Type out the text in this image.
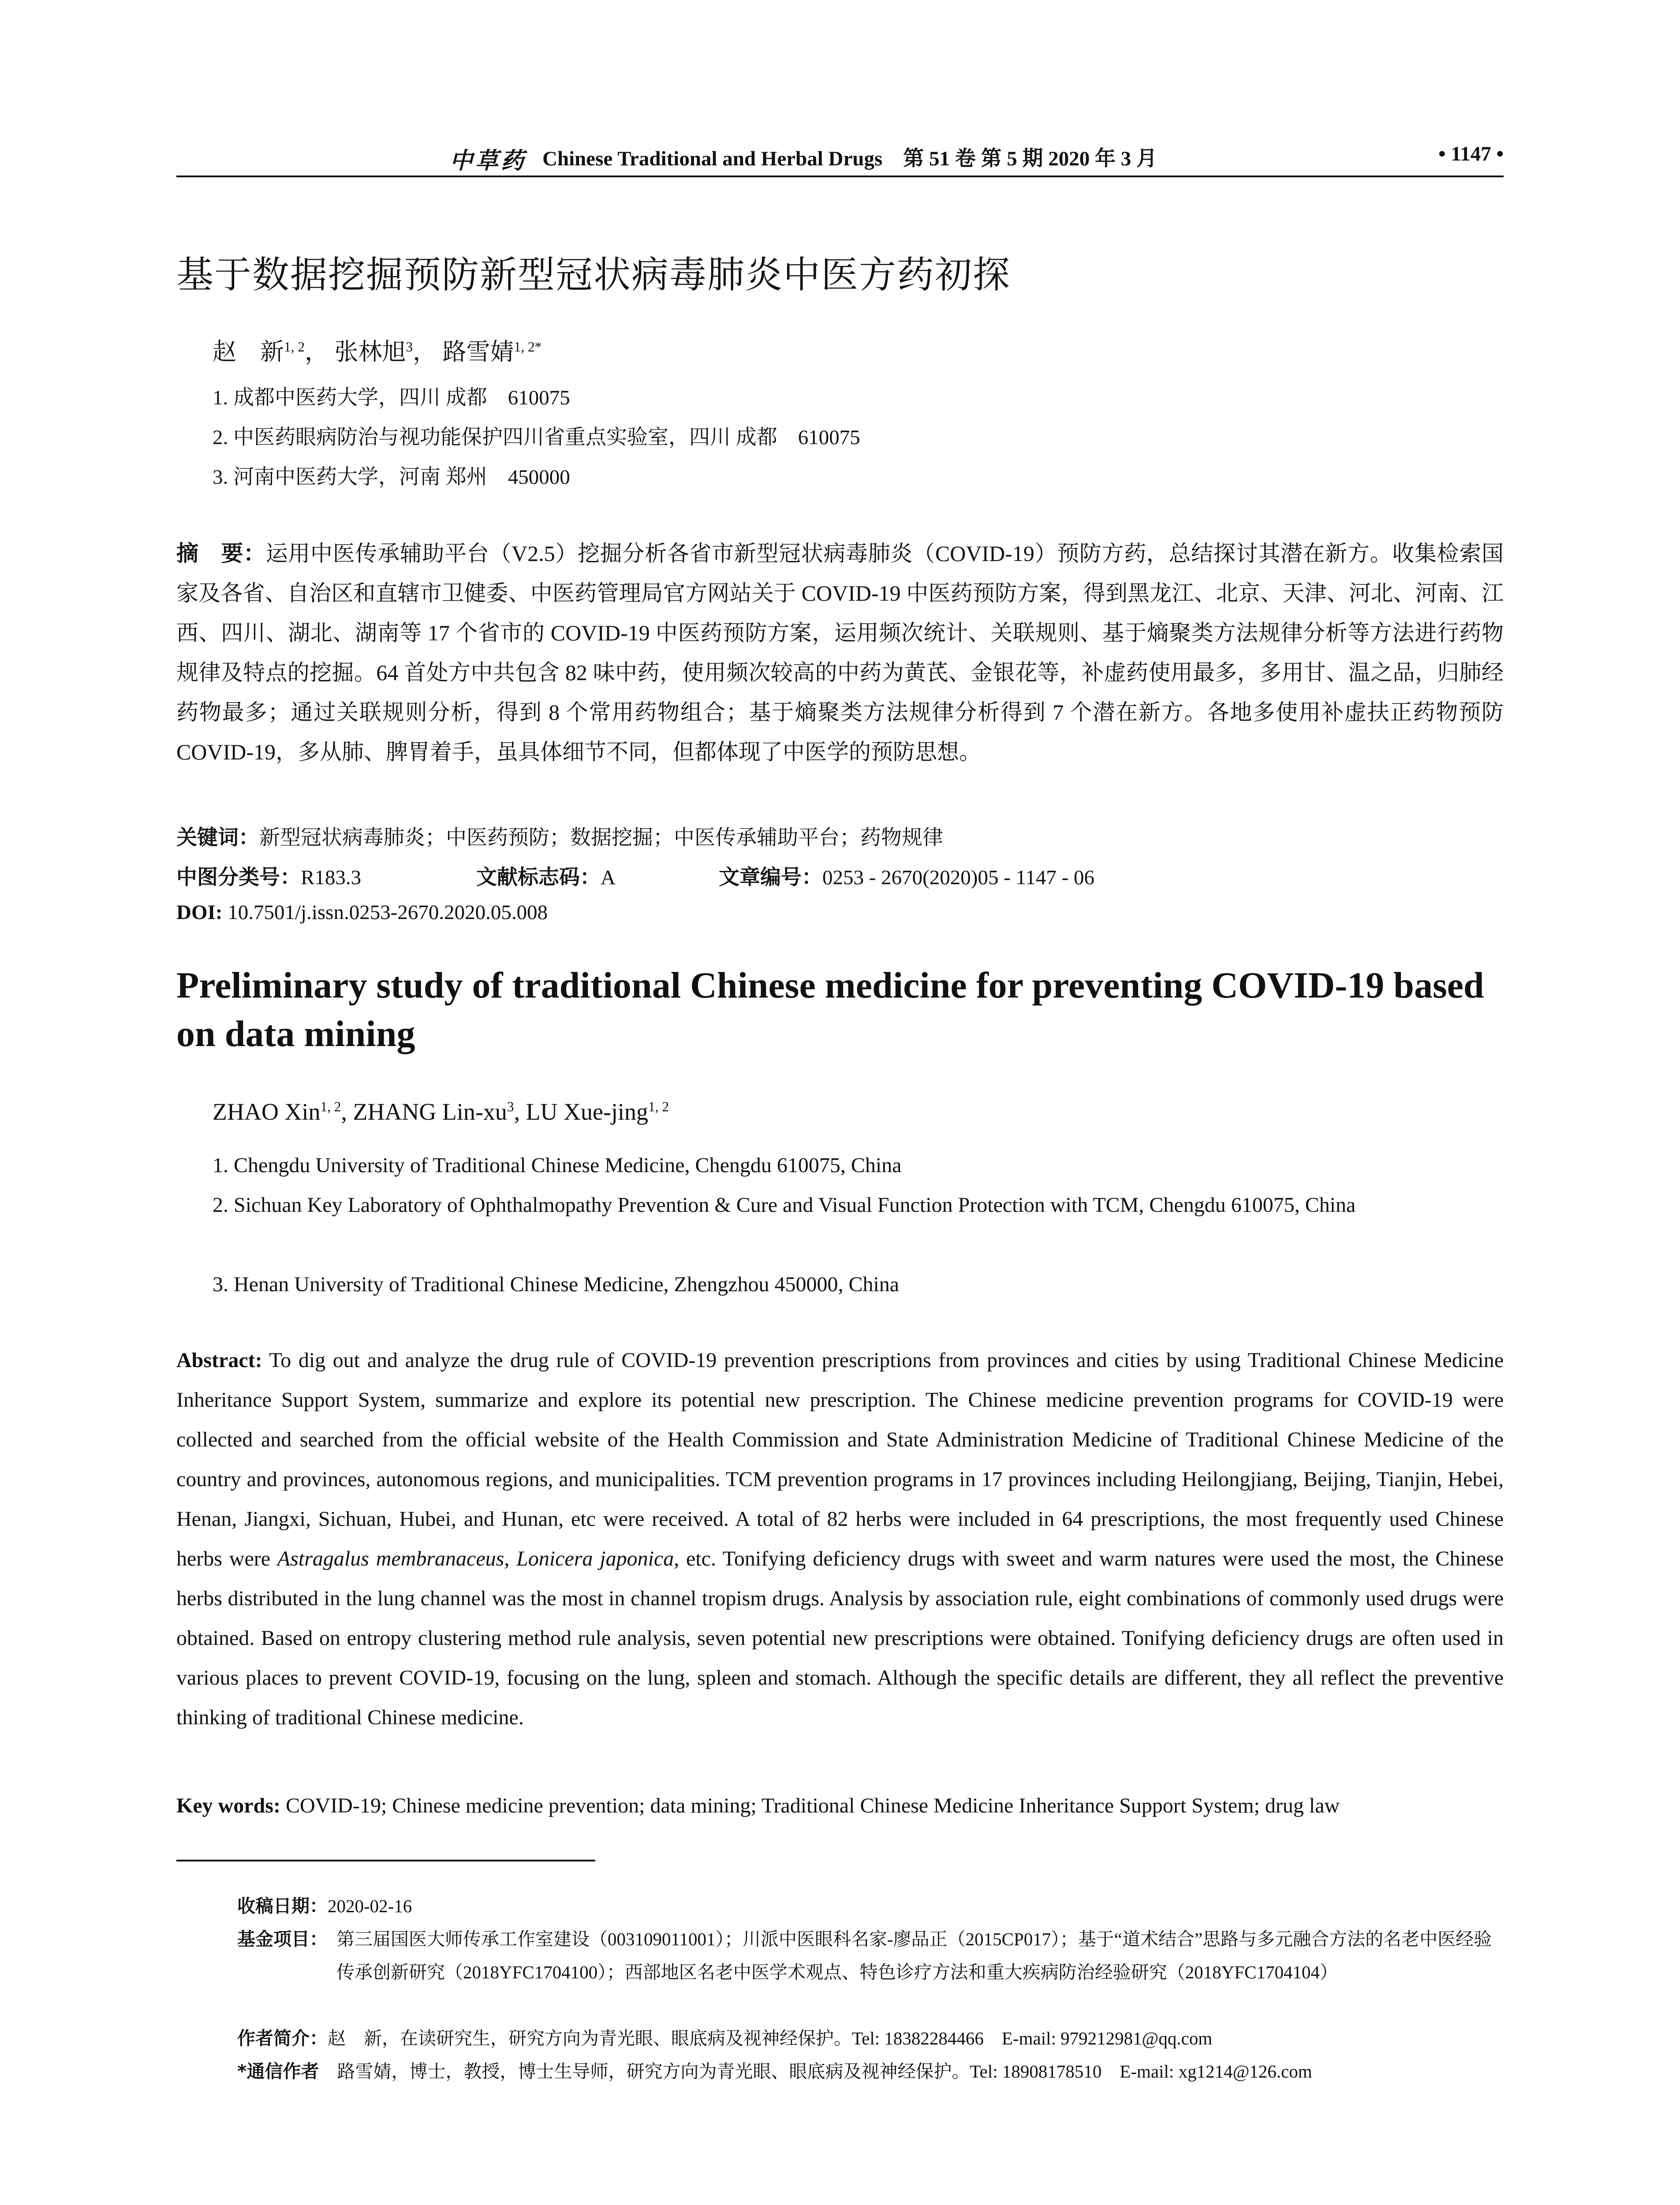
中草药 Chinese Traditional and Herbal Drugs　第 51 卷 第 5 期 2020 年 3 月	• 1147 •
基于数据挖掘预防新型冠状病毒肺炎中医方药初探
赵　新$^{1, 2}$， 张林旭$^3$， 路雪婧$^{1, 2*}$
1. 成都中医药大学，四川 成都　610075
2. 中医药眼病防治与视功能保护四川省重点实验室，四川 成都　610075
3. 河南中医药大学，河南 郑州　450000
摘　要：运用中医传承辅助平台（V2.5）挖掘分析各省市新型冠状病毒肺炎（COVID-19）预防方药，总结探讨其潜在新方。收集检索国家及各省、自治区和直辖市卫健委、中医药管理局官方网站关于 COVID-19 中医药预防方案，得到黑龙江、北京、天津、河北、河南、江西、四川、湖北、湖南等 17 个省市的 COVID-19 中医药预防方案，运用频次统计、关联规则、基于熵聚类方法规律分析等方法进行药物规律及特点的挖掘。64 首处方中共包含 82 味中药，使用频次较高的中药为黄芪、金银花等，补虚药使用最多，多用甘、温之品，归肺经药物最多；通过关联规则分析，得到 8 个常用药物组合；基于熵聚类方法规律分析得到 7 个潜在新方。各地多使用补虚扶正药物预防 COVID-19，多从肺、脾胃着手，虽具体细节不同，但都体现了中医学的预防思想。
关键词：新型冠状病毒肺炎；中医药预防；数据挖掘；中医传承辅助平台；药物规律
中图分类号：R183.3	文献标志码：A	文章编号：0253 - 2670(2020)05 - 1147 - 06
DOI: 10.7501/j.issn.0253-2670.2020.05.008
Preliminary study of traditional Chinese medicine for preventing COVID-19 based on data mining
ZHAO Xin$^{1, 2}$, ZHANG Lin-$xu^3$, LU Xue-jing$^{1, 2}$
1. Chengdu University of Traditional Chinese Medicine, Chengdu 610075, China
2. Sichuan Key Laboratory of Ophthalmopathy Prevention & Cure and Visual Function Protection with TCM, Chengdu 610075, China
3. Henan University of Traditional Chinese Medicine, Zhengzhou 450000, China
Abstract: To dig out and analyze the drug rule of COVID-19 prevention prescriptions from provinces and cities by using Traditional Chinese Medicine Inheritance Support System, summarize and explore its potential new prescription. The Chinese medicine prevention programs for COVID-19 were collected and searched from the official website of the Health Commission and State Administration Medicine of Traditional Chinese Medicine of the country and provinces, autonomous regions, and municipalities. TCM prevention programs in 17 provinces including Heilongjiang, Beijing, Tianjin, Hebei, Henan, Jiangxi, Sichuan, Hubei, and Hunan, etc were received. A total of 82 herbs were included in 64 prescriptions, the most frequently used Chinese herbs were Astragalus membranaceus, Lonicera japonica, etc. Tonifying deficiency drugs with sweet and warm natures were used the most, the Chinese herbs distributed in the lung channel was the most in channel tropism drugs. Analysis by association rule, eight combinations of commonly used drugs were obtained. Based on entropy clustering method rule analysis, seven potential new prescriptions were obtained. Tonifying deficiency drugs are often used in various places to prevent COVID-19, focusing on the lung, spleen and stomach. Although the specific details are different, they all reflect the preventive thinking of traditional Chinese medicine.
Key words: COVID-19; Chinese medicine prevention; data mining; Traditional Chinese Medicine Inheritance Support System; drug law
收稿日期：2020-02-16
基金项目： 第三届国医大师传承工作室建设（003109011001）；川派中医眼科名家-廖品正（2015CP017）；基于“道术结合”思路与多元融合方法的名老中医经验传承创新研究（2018YFC1704100）；西部地区名老中医学术观点、特色诊疗方法和重大疾病防治经验研究（2018YFC1704104）
作者简介：赵　新，在读研究生，研究方向为青光眼、眼底病及视神经保护。Tel: 18382284466　E-mail: 979212981@qq.com
*通信作者　 路雪婧，博士，教授，博士生导师，研究方向为青光眼、眼底病及视神经保护。Tel: 18908178510　E-mail: xg1214@126.com
